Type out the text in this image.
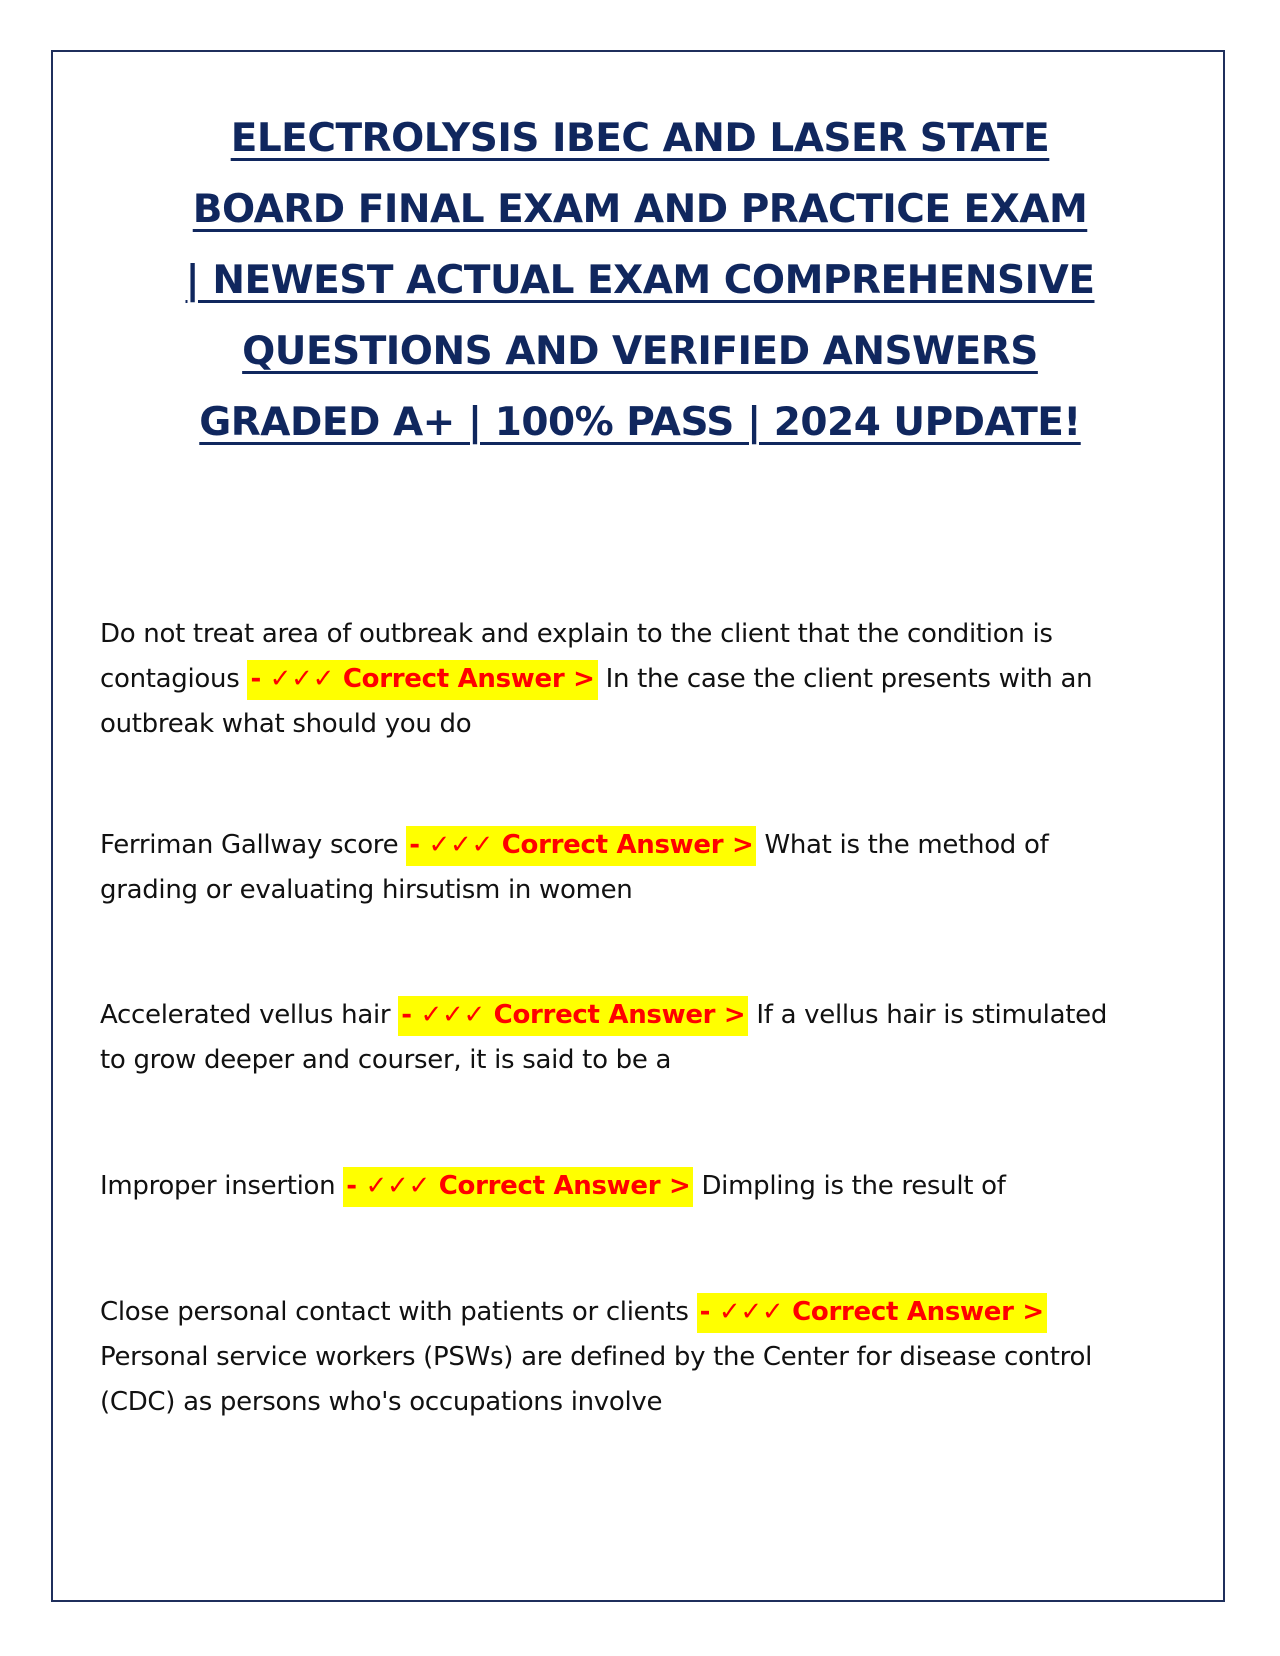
ELECTROLYSIS IBEC AND LASER STATE
BOARD FINAL EXAM AND PRACTICE EXAM
| NEWEST ACTUAL EXAM COMPREHENSIVE
QUESTIONS AND VERIFIED ANSWERS
GRADED A+ | 100% PASS | 2024 UPDATE!

Do not treat area of outbreak and explain to the client that the condition is contagious - ✓✓✓ Correct Answer > In the case the client presents with an outbreak what should you do

Ferriman Gallway score - ✓✓✓ Correct Answer > What is the method of grading or evaluating hirsutism in women

Accelerated vellus hair - ✓✓✓ Correct Answer > If a vellus hair is stimulated to grow deeper and courser, it is said to be a

Improper insertion - ✓✓✓ Correct Answer > Dimpling is the result of

Close personal contact with patients or clients - ✓✓✓ Correct Answer > Personal service workers (PSWs) are defined by the Center for disease control (CDC) as persons who's occupations involve
